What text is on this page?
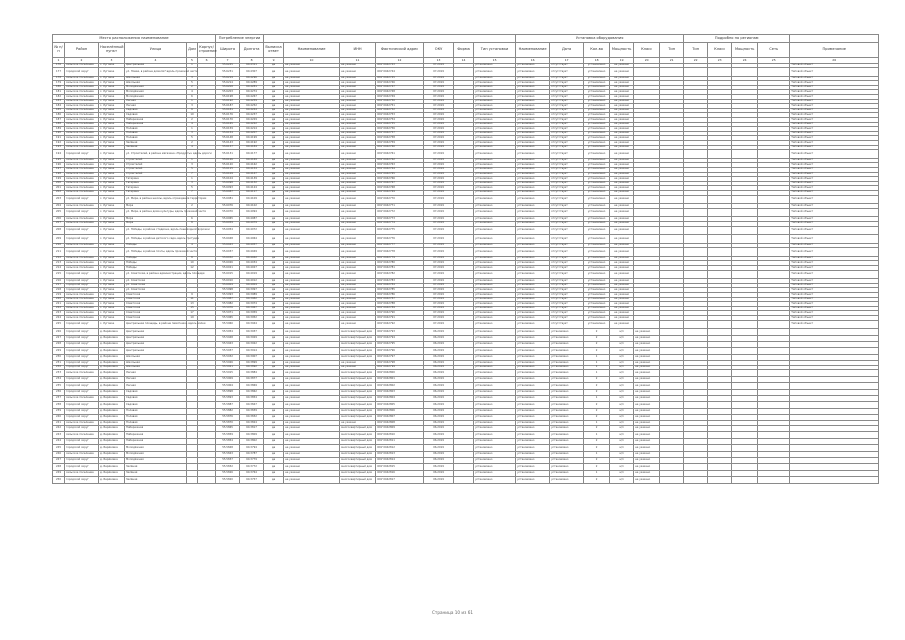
Место расположения наименование						Потребление энергии									Установка оборудования						Подробно по регионам				
№ п/п	Район	Населённый пункт	Улица	Дом	Корпус/строение	Широта	Долгота	Выписка ответ	Наименование	ИНН	Фактический адрес	ОКУ	Форма	Тип установки	Наименование	Дата	Кол-во	Мощность	Класс	Тип	Тип	Класс	Мощность	Сеть	Примечание
1	2	3	4	5	6	7	8	9	10	11	12	13	14	15	16	17	18	19	20	21	22	23	24	25	26
176	сельское поселение	с. Луговое	Центральная	1		55.6245	60.4311	да	не указано	не указано	ОКУ 0042743	07.2019		установлено	установлено	отсутствует	установлено	не указано							Типовой объект
177	городской округ	с. Луговое	ул. Новая, в районе дома №7 вдоль проезжей части			55.6231	60.4307	да	не указано	не указано	ОКУ 0042744	07.2019		установлено	установлено	отсутствует	установлено	не указано							Типовой объект
178	сельское поселение	с. Луговое	Школьная	3		55.6219	60.4296	да	не указано	не указано	ОКУ 0042745	07.2019		установлено	установлено	отсутствует	установлено	не указано							Типовой объект
179	сельское поселение	с. Луговое	Школьная	5		55.6214	60.4289	да	не указано	не указано	ОКУ 0042746	07.2019		установлено	установлено	отсутствует	установлено	не указано							Типовой объект
180	сельское поселение	с. Луговое	Молодёжная	2		55.6208	60.4281	да	не указано	не указано	ОКУ 0042747	07.2019		установлено	установлено	отсутствует	установлено	не указано							Типовой объект
181	сельское поселение	с. Луговое	Молодёжная	4		55.6203	60.4274	да	не указано	не указано	ОКУ 0042748	07.2019		установлено	установлено	отсутствует	установлено	не указано							Типовой объект
182	сельское поселение	с. Луговое	Молодёжная	6		55.6198	60.4267	да	не указано	не указано	ОКУ 0042749	07.2019		установлено	установлено	отсутствует	установлено	не указано							Типовой объект
183	сельское поселение	с. Луговое	Лесная	1		55.6192	60.4259	да	не указано	не указано	ОКУ 0042750	07.2019		установлено	установлено	отсутствует	установлено	не указано							Типовой объект
184	сельское поселение	с. Луговое	Лесная	3		55.6187	60.4252	да	не указано	не указано	ОКУ 0042751	07.2019		установлено	установлено	отсутствует	установлено	не указано							Типовой объект
185	сельское поселение	с. Луговое	Садовая	8		55.6181	60.4244	да	не указано	не указано	ОКУ 0042752	07.2019		установлено	установлено	отсутствует	установлено	не указано							Типовой объект
186	сельское поселение	с. Луговое	Садовая	10		55.6176	60.4237	да	не указано	не указано	ОКУ 0042753	07.2019		установлено	установлено	отсутствует	установлено	не указано							Типовой объект
187	сельское поселение	с. Луговое	Набережная	2		55.6170	60.4229	да	не указано	не указано	ОКУ 0042754	07.2019		установлено	установлено	отсутствует	установлено	не указано							Типовой объект
188	сельское поселение	с. Луговое	Набережная	4		55.6165	60.4222	да	не указано	не указано	ОКУ 0042755	07.2019		установлено	установлено	отсутствует	установлено	не указано							Типовой объект
189	сельское поселение	с. Луговое	Полевая	1		55.6159	60.4214	да	не указано	не указано	ОКУ 0042756	07.2019		установлено	установлено	отсутствует	установлено	не указано							Типовой объект
190	сельское поселение	с. Луговое	Полевая	3		55.6154	60.4207	да	не указано	не указано	ОКУ 0042757	07.2019		установлено	установлено	отсутствует	установлено	не указано							Типовой объект
191	сельское поселение	с. Луговое	Полевая	5		55.6148	60.4199	да	не указано	не указано	ОКУ 0042758	07.2019		установлено	установлено	отсутствует	установлено	не указано							Типовой объект
192	сельское поселение	с. Луговое	Зелёная	2		55.6143	60.4192	да	не указано	не указано	ОКУ 0042759	07.2019		установлено	установлено	отсутствует	установлено	не указано							Типовой объект
193	сельское поселение	с. Луговое	Зелёная	4		55.6137	60.4184	да	не указано	не указано	ОКУ 0042760	07.2019		установлено	установлено	отсутствует	установлено	не указано							Типовой объект
194	городской округ	с. Луговое	ул. Строителей, в районе магазина «Продукты» вдоль дороги			55.6131	60.4177	да	не указано	не указано	ОКУ 0042761	07.2019		установлено	установлено	отсутствует	установлено	не указано							Типовой объект
195	сельское поселение	с. Луговое	Строителей	1		55.6126	60.4169	да	не указано	не указано	ОКУ 0042762	07.2019		установлено	установлено	отсутствует	установлено	не указано							Типовой объект
196	сельское поселение	с. Луговое	Строителей	3		55.6120	60.4162	да	не указано	не указано	ОКУ 0042763	07.2019		установлено	установлено	отсутствует	установлено	не указано							Типовой объект
197	сельское поселение	с. Луговое	Строителей	5		55.6115	60.4154	да	не указано	не указано	ОКУ 0042764	07.2019		установлено	установлено	отсутствует	установлено	не указано							Типовой объект
198	сельское поселение	с. Луговое	Строителей	7		55.6109	60.4147	да	не указано	не указано	ОКУ 0042765	07.2019		установлено	установлено	отсутствует	установлено	не указано							Типовой объект
199	сельское поселение	с. Луговое	Гагарина	1		55.6104	60.4139	да	не указано	не указано	ОКУ 0042766	07.2019		установлено	установлено	отсутствует	установлено	не указано							Типовой объект
200	сельское поселение	с. Луговое	Гагарина	3		55.6098	60.4132	да	не указано	не указано	ОКУ 0042767	07.2019		установлено	установлено	отсутствует	установлено	не указано							Типовой объект
201	сельское поселение	с. Луговое	Гагарина	5		55.6093	60.4124	да	не указано	не указано	ОКУ 0042768	07.2019		установлено	установлено	отсутствует	установлено	не указано							Типовой объект
202	сельское поселение	с. Луговое	Гагарина	7		55.6087	60.4117	да	не указано	не указано	ОКУ 0042769	07.2019		установлено	установлено	отсутствует	установлено	не указано							Типовой объект
203	городской округ	с. Луговое	ул. Мира, в районе школы, вдоль ограждения территории			55.6081	60.4109	да	не указано	не указано	ОКУ 0042770	07.2019		установлено	установлено	отсутствует	установлено	не указано							Типовой объект
204	сельское поселение	с. Луговое	Мира	2		55.6076	60.4102	да	не указано	не указано	ОКУ 0042771	07.2019		установлено	установлено	отсутствует	установлено	не указано							Типовой объект
205	городской округ	с. Луговое	ул. Мира, в районе дома культуры, вдоль проезжей части			55.6070	60.4094	да	не указано	не указано	ОКУ 0042772	07.2019		установлено	установлено	отсутствует	установлено	не указано							Типовой объект
206	сельское поселение	с. Луговое	Мира	6		55.6065	60.4087	да	не указано	не указано	ОКУ 0042773	07.2019		установлено	установлено	отсутствует	установлено	не указано							Типовой объект
207	сельское поселение	с. Луговое	Мира	8		55.6059	60.4079	да	не указано	не указано	ОКУ 0042774	07.2019		установлено	установлено	отсутствует	установлено	не указано							Типовой объект
208	городской округ	с. Луговое	ул. Победы, в районе стадиона, вдоль пешеходной дорожки			55.6054	60.4072	да	не указано	не указано	ОКУ 0042775	07.2019		установлено	установлено	отсутствует	установлено	не указано							Типовой объект
209	городской округ	с. Луговое	ул. Победы, в районе детского сада, вдоль тротуара			55.6048	60.4064	да	не указано	не указано	ОКУ 0042776	07.2019		установлено	установлено	отсутствует	установлено	не указано							Типовой объект
210	сельское поселение	с. Луговое	Победы	4		55.6043	60.4057	да	не указано	не указано	ОКУ 0042777	07.2019		установлено	установлено	отсутствует	установлено	не указано							Типовой объект
211	городской округ	с. Луговое	ул. Победы, в районе почты, вдоль проезжей части			55.6037	60.4049	да	не указано	не указано	ОКУ 0042778	07.2019		установлено	установлено	отсутствует	установлено	не указано							Типовой объект
212	сельское поселение	с. Луговое	Победы	8		55.6032	60.4042	да	не указано	не указано	ОКУ 0042779	07.2019		установлено	установлено	отсутствует	установлено	не указано							Типовой объект
213	сельское поселение	с. Луговое	Победы	10		55.6026	60.4034	да	не указано	не указано	ОКУ 0042780	07.2019		установлено	установлено	отсутствует	установлено	не указано							Типовой объект
214	сельское поселение	с. Луговое	Победы	12		55.6021	60.4027	да	не указано	не указано	ОКУ 0042781	07.2019		установлено	установлено	отсутствует	установлено	не указано							Типовой объект
215	городской округ	с. Луговое	ул. Советская, в районе администрации, вдоль площади			55.6015	60.4019	да	не указано	не указано	ОКУ 0042782	07.2019		установлено	установлено	отсутствует	установлено	не указано							Типовой объект
216	городской округ	с. Луговое	ул. Советская			55.6010	60.4012	да	не указано	не указано	ОКУ 0042783	07.2019		установлено	установлено	отсутствует	установлено	не указано							Типовой объект
217	городской округ	с. Луговое	ул. Советская			55.6004	60.4004	да	не указано	не указано	ОКУ 0042784	07.2019		установлено	установлено	отсутствует	установлено	не указано							Типовой объект
218	городской округ	с. Луговое	ул. Советская			55.5998	60.3997	да	не указано	не указано	ОКУ 0042785	07.2019		установлено	установлено	отсутствует	установлено	не указано							Типовой объект
219	сельское поселение	с. Луговое	Советская	9		55.5993	60.3989	да	не указано	не указано	ОКУ 0042786	07.2019		установлено	установлено	отсутствует	установлено	не указано							Типовой объект
220	сельское поселение	с. Луговое	Советская	11		55.5987	60.3982	да	не указано	не указано	ОКУ 0042787	07.2019		установлено	установлено	отсутствует	установлено	не указано							Типовой объект
221	сельское поселение	с. Луговое	Советская	13		55.5982	60.3974	да	не указано	не указано	ОКУ 0042788	07.2019		установлено	установлено	отсутствует	установлено	не указано							Типовой объект
222	сельское поселение	с. Луговое	Советская	15		55.5976	60.3967	да	не указано	не указано	ОКУ 0042789	07.2019		установлено	установлено	отсутствует	установлено	не указано							Типовой объект
223	сельское поселение	с. Луговое	Советская	17		55.5971	60.3959	да	не указано	не указано	ОКУ 0042790	07.2019		установлено	установлено	отсутствует	установлено	не указано							Типовой объект
224	сельское поселение	с. Луговое	Советская	19		55.5965	60.3952	да	не указано	не указано	ОКУ 0042791	07.2019		установлено	установлено	отсутствует	установлено	не указано							Типовой объект
225	городской округ	с. Луговое	Центральная площадь, в районе памятника, вдоль аллеи			55.5960	60.3944	да	не указано	не указано	ОКУ 0042792	07.2019		установлено	установлено	отсутствует	установлено	не указано							Типовой объект
226	городской округ	д. Берёзовка	Центральная			55.5954	60.3937	да	не указано	многоквартирный дом	ОКУ 0042793	06.2019		установлено	установлено	установлено	2	н/п	не указано						
227	городской округ	д. Берёзовка	Центральная			55.5948	60.3929	да	не указано	многоквартирный дом	ОКУ 0042794	06.2019		установлено	установлено	установлено	2	н/п	не указано						
228	городской округ	д. Берёзовка	Центральная			55.5943	60.3922	да	не указано	многоквартирный дом	ОКУ 0042795	06.2019		установлено	установлено	установлено	2	н/п	не указано						
229	городской округ	д. Берёзовка	Центральная			55.5937	60.3914	да	не указано	многоквартирный дом	ОКУ 0042796	06.2019		установлено	установлено	установлено	2	н/п	не указано						
230	городской округ	д. Берёзовка	Школьная			55.5932	60.3907	да	не указано	многоквартирный дом	ОКУ 0042797	06.2019		установлено	установлено	установлено	1	н/п	не указано						
231	городской округ	д. Берёзовка	Школьная			55.5926	60.3899	да	не указано	не указано	ОКУ 0042798	06.2019		установлено	установлено	установлено	1	н/п	не указано						
232	городской округ	д. Берёзовка	Школьная			55.5921	60.3892	да	не указано	не указано	ОКУ 0042799	06.2019		установлено	установлено	установлено	1	н/п	не указано						
233	сельское поселение	д. Берёзовка	Лесная			55.5915	60.3884	да	не указано	многоквартирный дом	ОКУ 0042800	06.2019		установлено	установлено	установлено	1	н/п	не указано						
234	городской округ	д. Берёзовка	Лесная			55.5909	60.3877	да	не указано	многоквартирный дом	ОКУ 0042801	06.2019		установлено	установлено	установлено	2	н/п	не указано						
235	городской округ	д. Берёзовка	Лесная			55.5904	60.3869	да	не указано	многоквартирный дом	ОКУ 0042802	06.2019		установлено	установлено	установлено	2	н/п	не указано						
236	городской округ	д. Берёзовка	Садовая			55.5898	60.3862	да	не указано	многоквартирный дом	ОКУ 0042803	06.2019		установлено	установлено	установлено	2	н/п	не указано						
237	сельское поселение	д. Берёзовка	Садовая			55.5893	60.3854	да	не указано	многоквартирный дом	ОКУ 0042804	06.2019		установлено	установлено	установлено	1	н/п	не указано						
238	городской округ	д. Берёзовка	Садовая			55.5887	60.3847	да	не указано	многоквартирный дом	ОКУ 0042805	06.2019		установлено	установлено	установлено	2	н/п	не указано						
239	городской округ	д. Берёзовка	Полевая			55.5882	60.3839	да	не указано	многоквартирный дом	ОКУ 0042806	06.2019		установлено	установлено	установлено	2	н/п	не указано						
240	городской округ	д. Берёзовка	Полевая			55.5876	60.3832	да	не указано	многоквартирный дом	ОКУ 0042807	06.2019		установлено	установлено	установлено	2	н/п	не указано						
241	сельское поселение	д. Берёзовка	Полевая			55.5870	60.3824	да	не указано	не указано	ОКУ 0042808	06.2019		установлено	установлено	установлено	1	н/п	не указано						
242	городской округ	д. Берёзовка	Набережная			55.5865	60.3817	да	не указано	многоквартирный дом	ОКУ 0042809	06.2019		установлено	установлено	установлено	2	н/п	не указано						
243	сельское поселение	д. Берёзовка	Набережная			55.5859	60.3809	да	не указано	многоквартирный дом	ОКУ 0042810	06.2019		установлено	установлено	установлено	1	н/п	не указано						
244	городской округ	д. Берёзовка	Набережная			55.5854	60.3802	да	не указано	многоквартирный дом	ОКУ 0042811	06.2019		установлено	установлено	установлено	2	н/п	не указано						
245	городской округ	д. Берёзовка	Молодёжная			55.5848	60.3794	да	не указано	многоквартирный дом	ОКУ 0042812	06.2019		установлено	установлено	установлено	2	н/п	не указано						
246	сельское поселение	д. Берёзовка	Молодёжная			55.5843	60.3787	да	не указано	многоквартирный дом	ОКУ 0042813	06.2019		установлено	установлено	установлено	1	н/п	не указано						
247	городской округ	д. Берёзовка	Молодёжная			55.5837	60.3779	да	не указано	многоквартирный дом	ОКУ 0042814	06.2019		установлено	установлено	установлено	2	н/п	не указано						
248	городской округ	д. Берёзовка	Зелёная			55.5832	60.3772	да	не указано	многоквартирный дом	ОКУ 0042815	06.2019		установлено	установлено	установлено	2	н/п	не указано						
249	сельское поселение	д. Берёзовка	Зелёная			55.5826	60.3764	да	не указано	многоквартирный дом	ОКУ 0042816	06.2019		установлено	установлено	установлено	1	н/п	не указано						
250	городской округ	д. Берёзовка	Зелёная			55.5820	60.3757	да	не указано	многоквартирный дом	ОКУ 0042817	06.2019		установлено	установлено	установлено	2	н/п	не указано						
Страница 10 из 61
